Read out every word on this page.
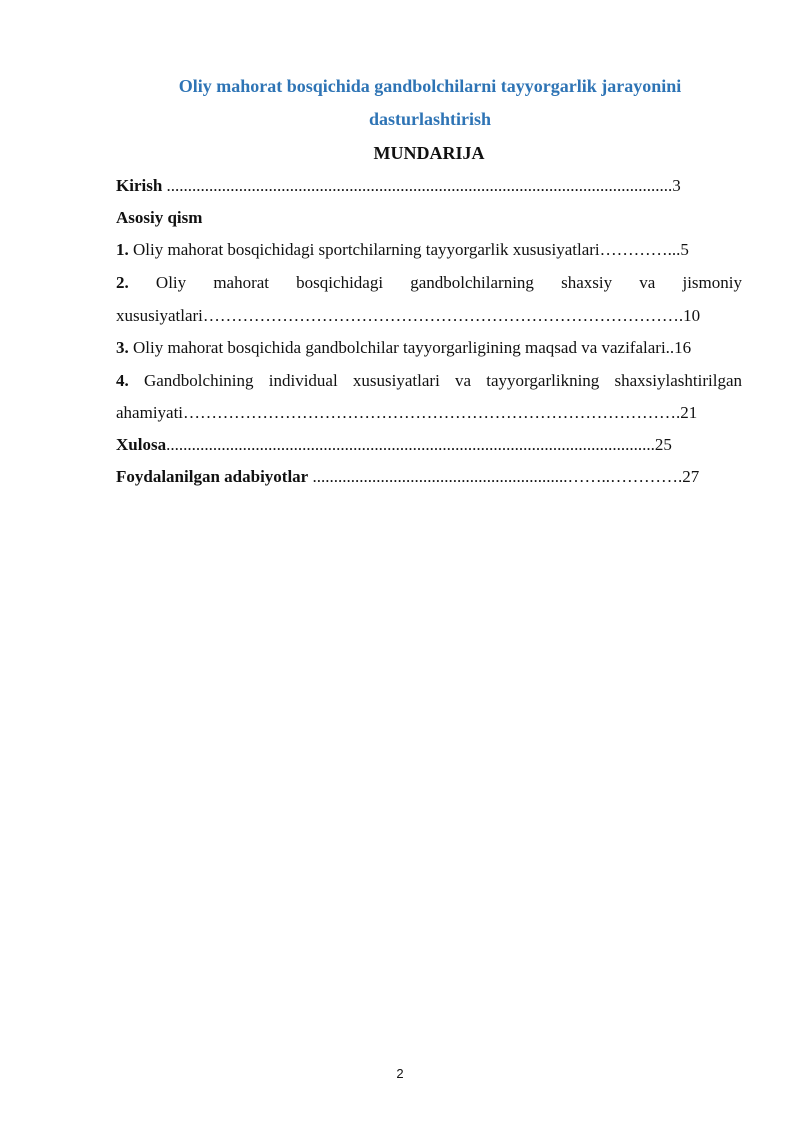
Oliy mahorat bosqichida gandbolchilarni tayyorgarlik jarayonini
dasturlashtirish
MUNDARIJA
Kirish .......................................................................................................................3
Asosiy qism
1. Oliy mahorat bosqichidagi sportchilarning tayyorgarlik xususiyatlari…………...5
2. Oliy mahorat bosqichidagi gandbolchilarning shaxsiy va jismoniy
xususiyatlari………………………………………………………………………….10
3. Oliy mahorat bosqichida gandbolchilar tayyorgarligining maqsad va vazifalari..16
4. Gandbolchining individual xususiyatlari va tayyorgarlikning shaxsiylashtirilgan
ahamiyati…………………………………………………………………………….21
Xulosa...................................................................................................................25
Foydalanilgan adabiyotlar ............................................................……..………….27
2
